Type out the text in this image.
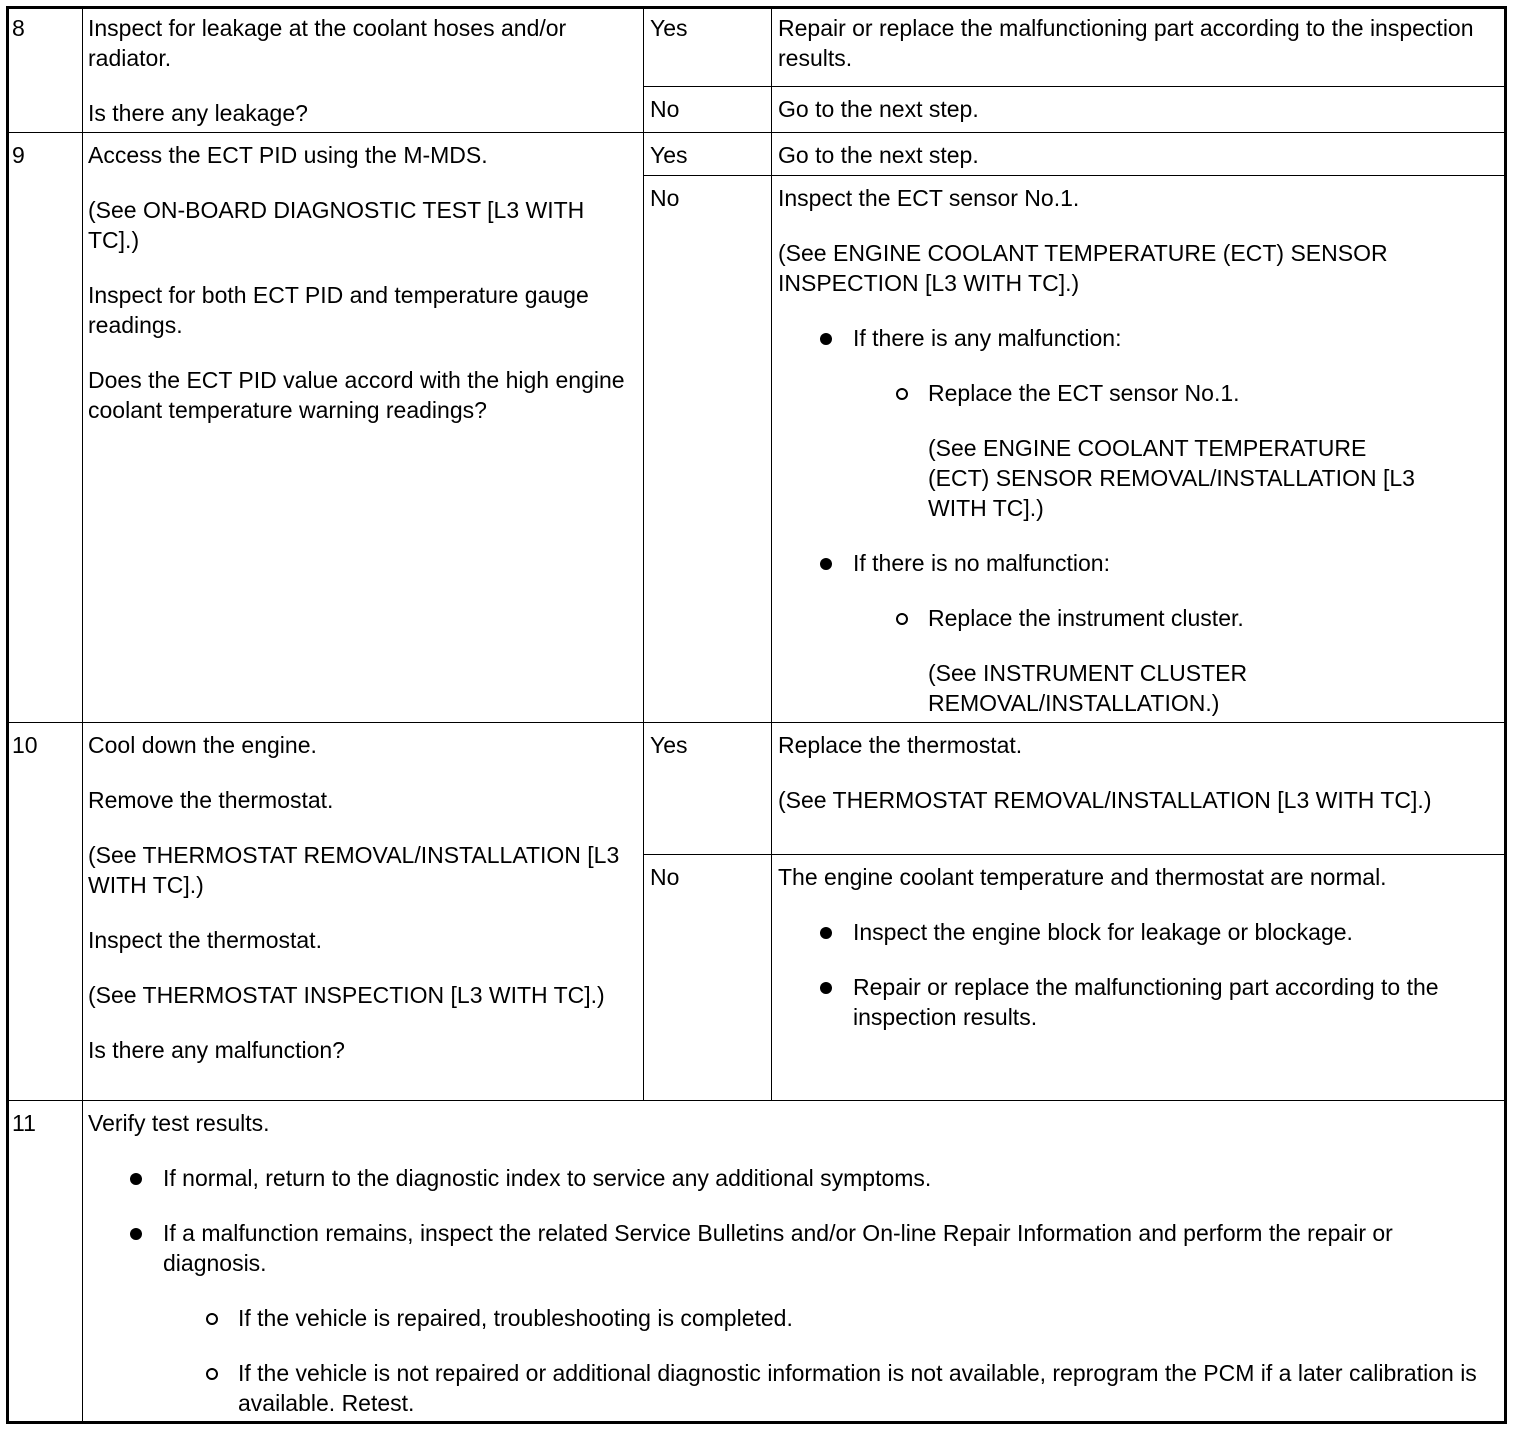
8	Inspect for leakage at the coolant hoses and/or radiator.

Is there any leakage?

Yes	Repair or replace the malfunctioning part according to the inspection results.

No	Go to the next step.

9	Access the ECT PID using the M-MDS.

(See ON-BOARD DIAGNOSTIC TEST [L3 WITH TC].)

Inspect for both ECT PID and temperature gauge readings.

Does the ECT PID value accord with the high engine coolant temperature warning readings?

Yes	Go to the next step.

No	Inspect the ECT sensor No.1.

(See ENGINE COOLANT TEMPERATURE (ECT) SENSOR INSPECTION [L3 WITH TC].)

If there is any malfunction:
Replace the ECT sensor No.1.
(See ENGINE COOLANT TEMPERATURE (ECT) SENSOR REMOVAL/INSTALLATION [L3 WITH TC].)
If there is no malfunction:
Replace the instrument cluster.
(See INSTRUMENT CLUSTER REMOVAL/INSTALLATION.)
10 Cool down the engine.

Remove the thermostat.

(See THERMOSTAT REMOVAL/INSTALLATION [L3 WITH TC].)

Inspect the thermostat.

(See THERMOSTAT INSPECTION [L3 WITH TC].)

Is there any malfunction?

Yes	Replace the thermostat.

(See THERMOSTAT REMOVAL/INSTALLATION [L3 WITH TC].)

No	The engine coolant temperature and thermostat are normal.

Inspect the engine block for leakage or blockage.
Repair or replace the malfunctioning part according to the inspection results.
11 Verify test results.

If normal, return to the diagnostic index to service any additional symptoms.
If a malfunction remains, inspect the related Service Bulletins and/or On-line Repair Information and perform the repair or diagnosis.
If the vehicle is repaired, troubleshooting is completed.
If the vehicle is not repaired or additional diagnostic information is not available, reprogram the PCM if a later calibration is available. Retest.
